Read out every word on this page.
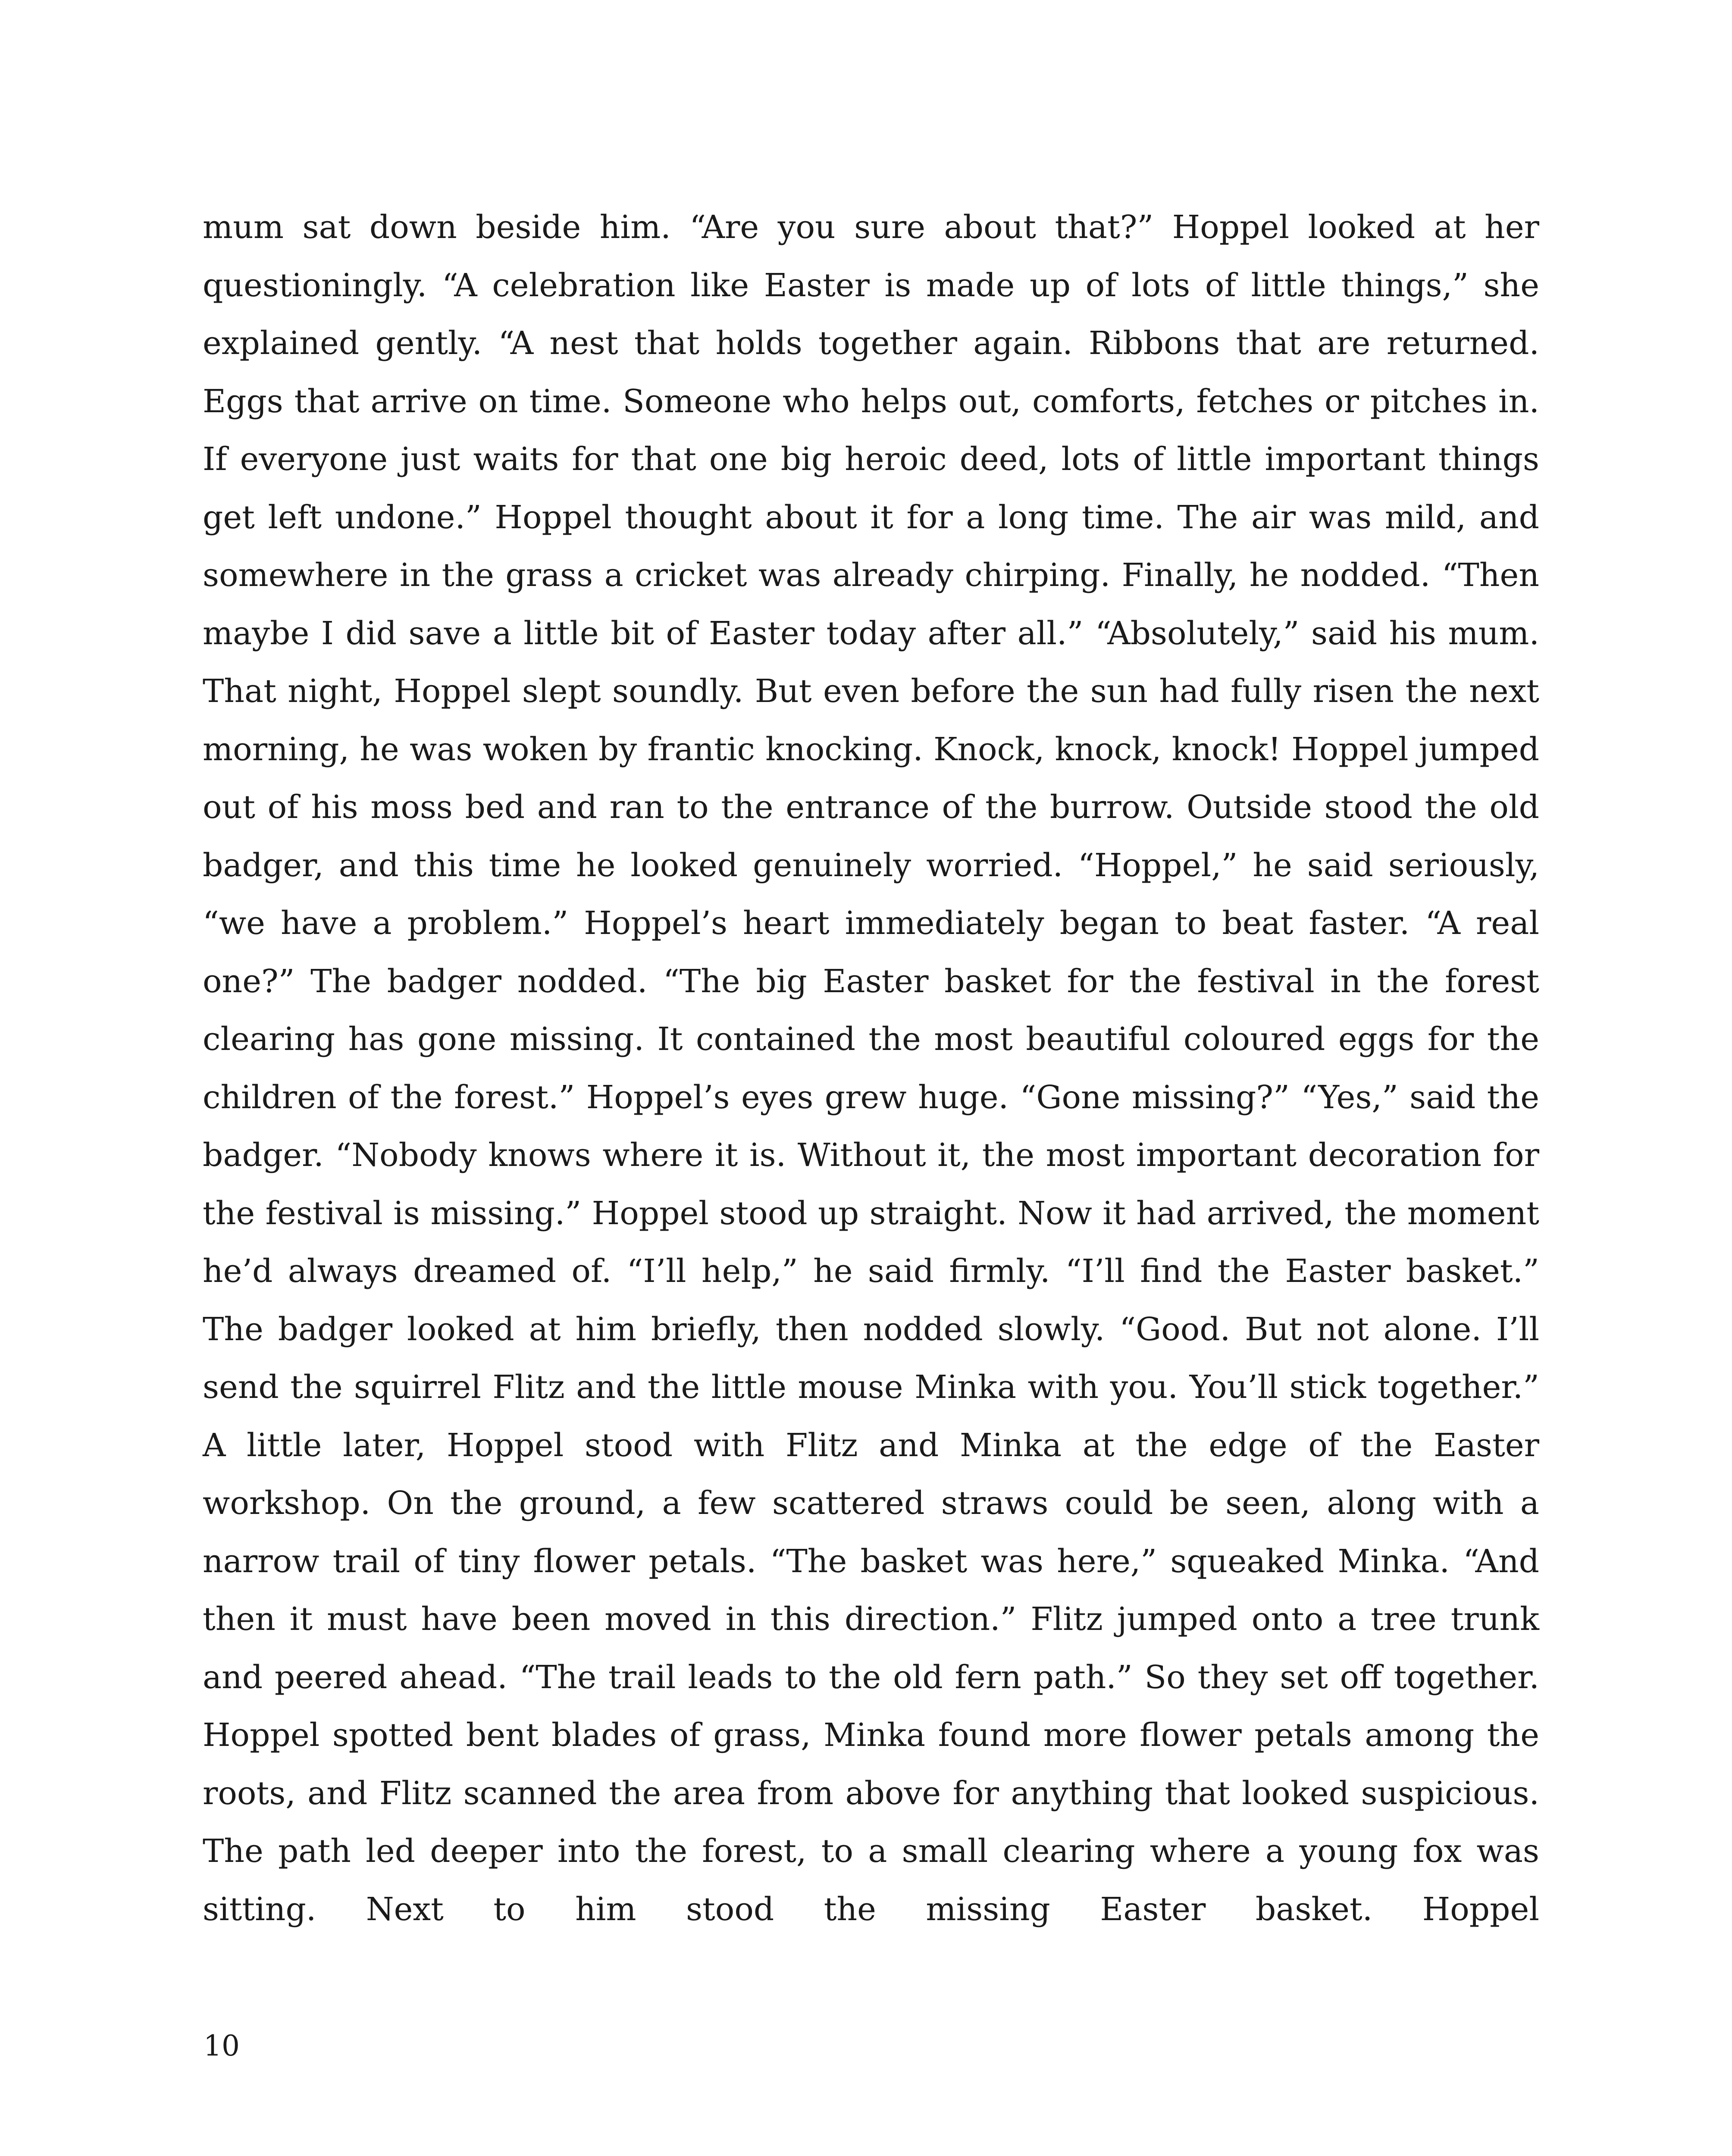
mum sat down beside him. “Are you sure about that?” Hoppel looked at her questioningly. “A celebration like Easter is made up of lots of little things,” she explained gently. “A nest that holds together again. Ribbons that are returned. Eggs that arrive on time. Someone who helps out, comforts, fetches or pitches in. If everyone just waits for that one big heroic deed, lots of little important things get left undone.” Hoppel thought about it for a long time. The air was mild, and somewhere in the grass a cricket was already chirping. Finally, he nodded. “Then maybe I did save a little bit of Easter today after all.” “Absolutely,” said his mum. That night, Hoppel slept soundly. But even before the sun had fully risen the next morning, he was woken by frantic knocking. Knock, knock, knock! Hoppel jumped out of his moss bed and ran to the entrance of the burrow. Outside stood the old badger, and this time he looked genuinely worried. “Hoppel,” he said seriously, “we have a problem.” Hoppel’s heart immediately began to beat faster. “A real one?” The badger nodded. “The big Easter basket for the festival in the forest clearing has gone missing. It contained the most beautiful coloured eggs for the children of the forest.” Hoppel’s eyes grew huge. “Gone missing?” “Yes,” said the badger. “Nobody knows where it is. Without it, the most important decoration for the festival is missing.” Hoppel stood up straight. Now it had arrived, the moment he’d always dreamed of. “I’ll help,” he said firmly. “I’ll find the Easter basket.” The badger looked at him briefly, then nodded slowly. “Good. But not alone. I’ll send the squirrel Flitz and the little mouse Minka with you. You’ll stick together.” A little later, Hoppel stood with Flitz and Minka at the edge of the Easter workshop. On the ground, a few scattered straws could be seen, along with a narrow trail of tiny flower petals. “The basket was here,” squeaked Minka. “And then it must have been moved in this direction.” Flitz jumped onto a tree trunk and peered ahead. “The trail leads to the old fern path.” So they set off together. Hoppel spotted bent blades of grass, Minka found more flower petals among the roots, and Flitz scanned the area from above for anything that looked suspicious. The path led deeper into the forest, to a small clearing where a young fox was sitting. Next to him stood the missing Easter basket. Hoppel

10
